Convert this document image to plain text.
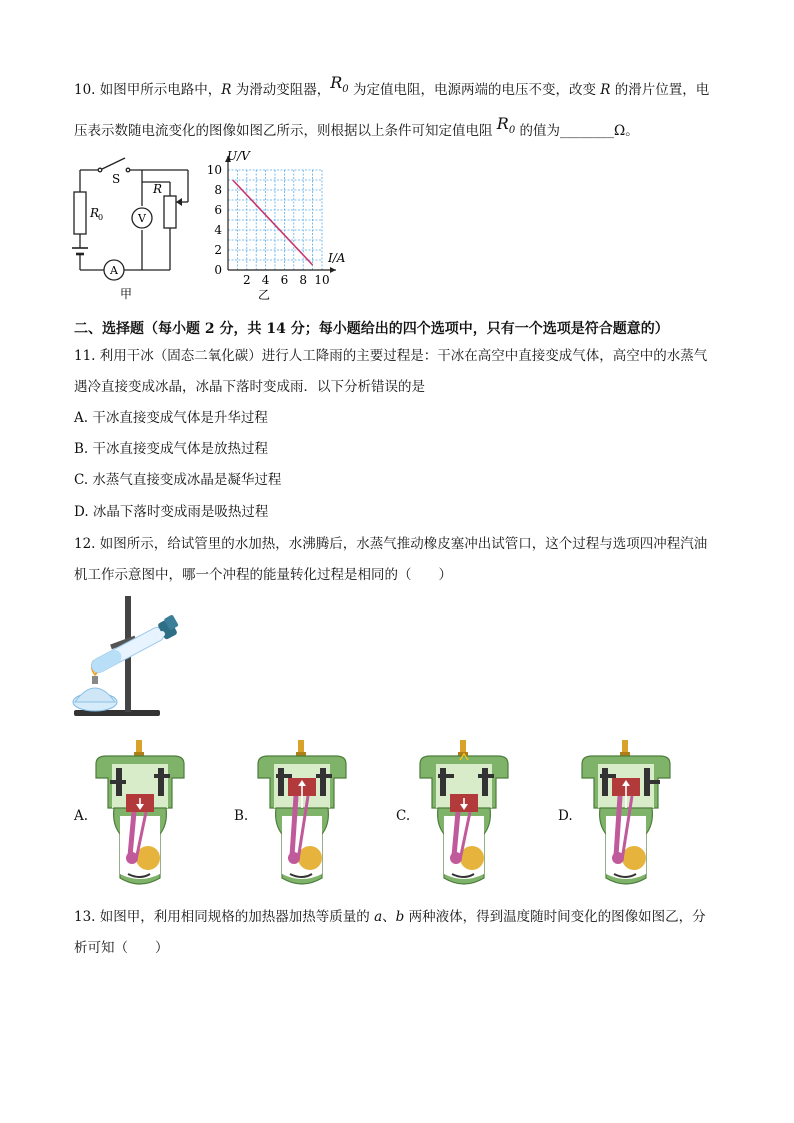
10. 如图甲所示电路中，R 为滑动变阻器，$R_0$ 为定值电阻，电源两端的电压不变，改变 R 的滑片位置，电
压表示数随电流变化的图像如图乙所示，则根据以上条件可知定值电阻 $R_0$ 的值为________Ω。
S
R
0	V
R
A
甲
2 4 6 8 10
0
2
4
6
8
10
U/V
I/A
乙
二、选择题（每小题 2 分，共 14 分；每小题给出的四个选项中，只有一个选项是符合题意的）
11. 利用干冰（固态二氧化碳）进行人工降雨的主要过程是：干冰在高空中直接变成气体，高空中的水蒸气
遇冷直接变成冰晶，冰晶下落时变成雨．以下分析错误的是
A. 干冰直接变成气体是升华过程
B. 干冰直接变成气体是放热过程
C. 水蒸气直接变成冰晶是凝华过程
D. 冰晶下落时变成雨是吸热过程
12. 如图所示，给试管里的水加热，水沸腾后，水蒸气推动橡皮塞冲出试管口，这个过程与选项四冲程汽油
机工作示意图中，哪一个冲程的能量转化过程是相同的（　　）
A.	B.	C.	D.
13. 如图甲，利用相同规格的加热器加热等质量的 a、b 两种液体，得到温度随时间变化的图像如图乙，分
析可知（　　）
